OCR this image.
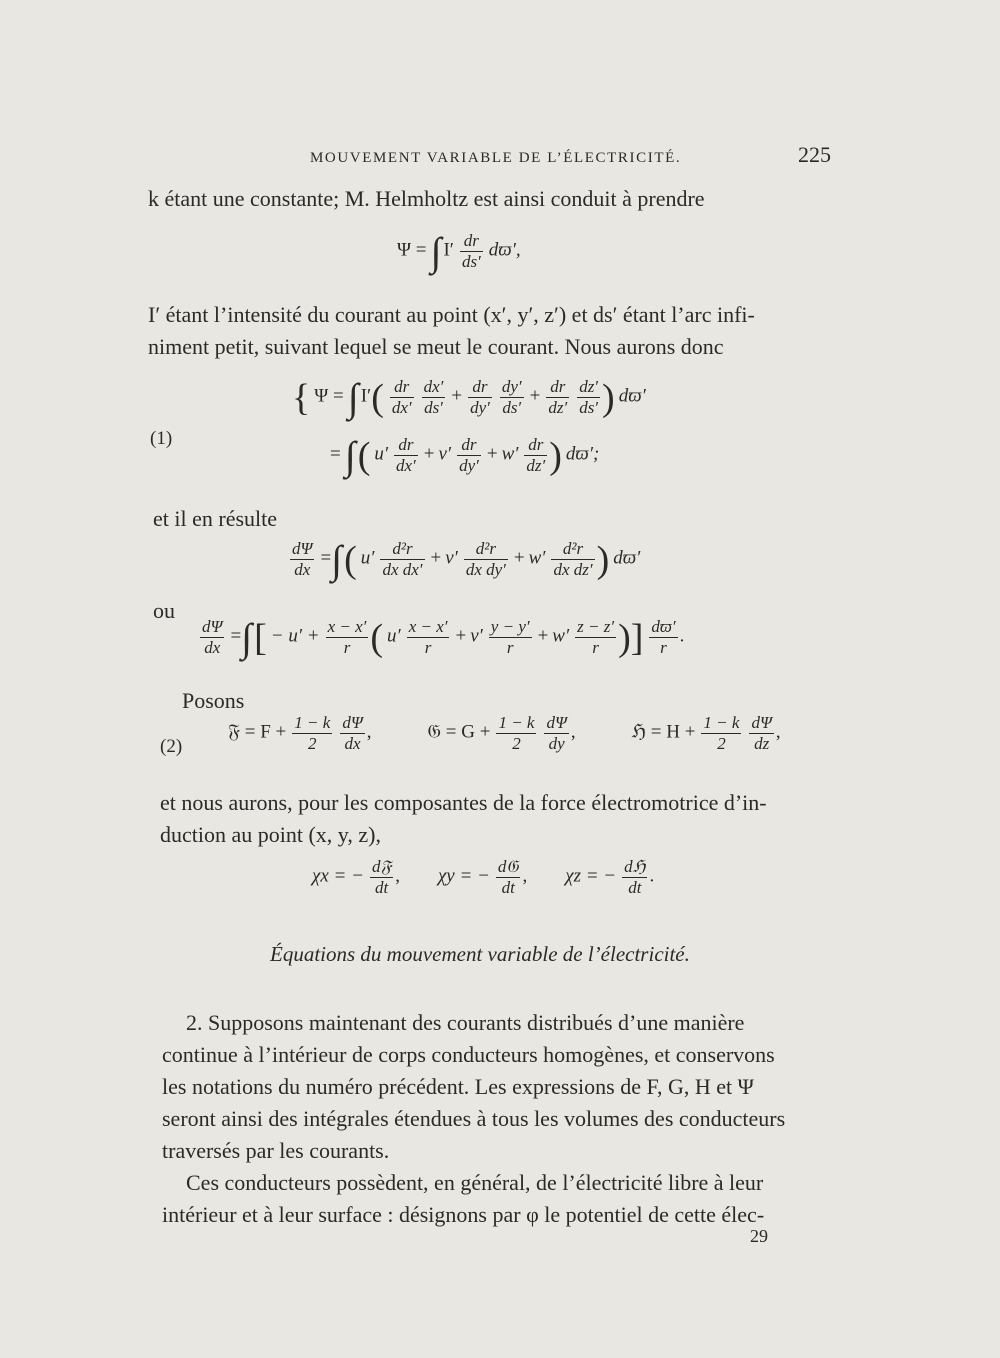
MOUVEMENT VARIABLE DE L’ÉLECTRICITÉ.	225
k étant une constante; M. Helmholtz est ainsi conduit à prendre
Ψ = ∫ $I' \frac{dr}{ds'} dϖ'$,
I′ étant l’intensité du courant au point (x′, y′, z′) et ds′ étant l’arc infi-
niment petit, suivant lequel se meut le courant. Nous aurons donc
(1)
{ Ψ = ∫ $I'( \frac{dr}{dx'}$
$\frac{dx'}{ds'} + \frac{dr}{dy'}$
$\frac{dy'}{ds'} + \frac{dr}{dz'}$
$\frac{dz'}{ds'}$ ) dϖ′
= ∫( $u' \frac{dr}{dx'} + v' \frac{dr}{dy'} + w' \frac{dr}{dz'}$ ) dϖ′;
et il en résulte
$\frac{d\Psi}{dx}$ =∫( $u' \frac{\text{d²r}}{\text{dx dx′}} + v' \frac{\text{d²r}}{\text{dx dy′}} + w' \frac{\text{d²r}}{\text{dx dz′}}$ ) dϖ′
ou
$\frac{d\Psi}{dx}$ =∫[ − $u' + \frac{x - x'}{r}$ ( $u' \frac{x - x'}{r} + v' \frac{y - y'}{r} + w' \frac{z - z'}{r}$ )] $\frac{dϖ'}{r}$ .
Posons
(2)
𝔉 = $F + \frac{1 - k}{2}$
$\frac{d\Psi}{dx}$ ,	𝔊 = $G + \frac{1 - k}{2}$
$\frac{d\Psi}{dy}$ ,	ℌ = $H + \frac{1 - k}{2}$
$\frac{d\Psi}{dz}$ ,
et nous aurons, pour les composantes de la force électromotrice d’in-
duction au point (x, y, z),
χx = − $\frac{\text{d𝔉}}{dt}$ , χy = − $\frac{\text{d𝔊}}{dt}$ , χz = − $\frac{\text{dℌ}}{dt}$ .
Équations du mouvement variable de l’électricité.
2. Supposons maintenant des courants distribués d’une manière
continue à l’intérieur de corps conducteurs homogènes, et conservons
les notations du numéro précédent. Les expressions de F, G, H et Ψ
seront ainsi des intégrales étendues à tous les volumes des conducteurs
traversés par les courants.
Ces conducteurs possèdent, en général, de l’électricité libre à leur
intérieur et à leur surface : désignons par φ le potentiel de cette élec-
29
